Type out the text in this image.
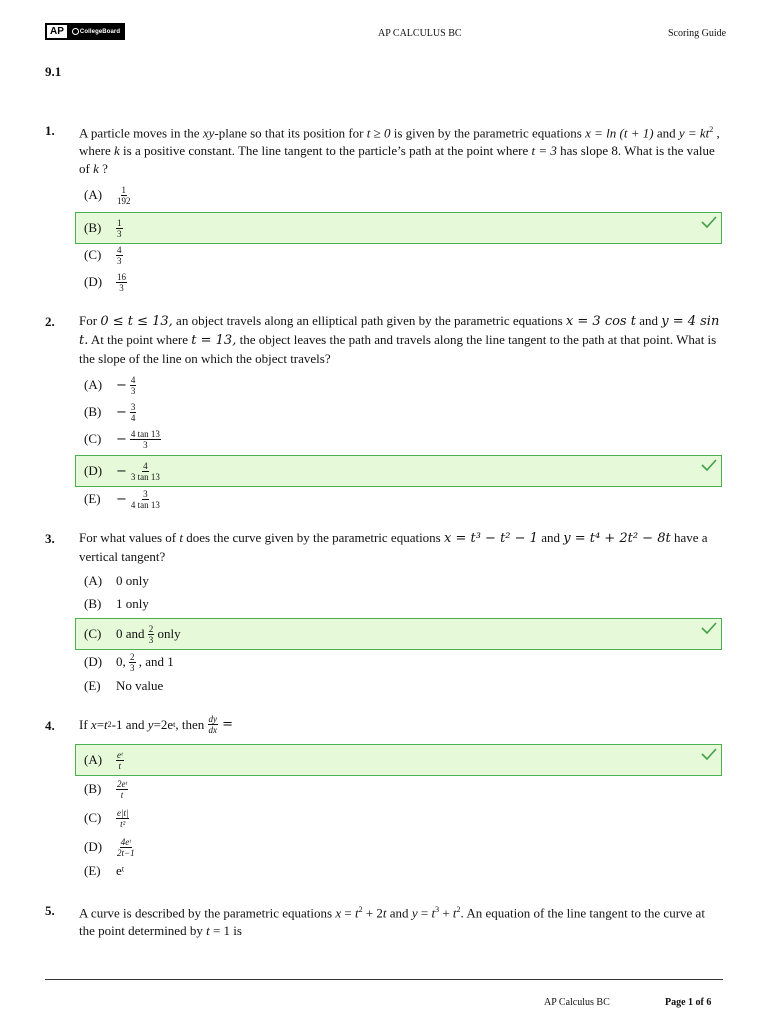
AP	CollegeBoard	AP CALCULUS BC	Scoring Guide
9.1
1. A particle moves in the xy-plane so that its position for t ≥ 0 is given by the parametric equations x = ln (t + 1) and $y = kt^2$ , where k is a positive constant. The line tangent to the particle’s path at the point where t = 3 has slope 8. What is the value of k ?
(A)	$\frac{1}{192}$
(B)	$\frac{1}{3}$
(C)	$\frac{4}{3}$
(D)	$\frac{16}{3}$
2. For 0 ≤ t ≤ 13, an object travels along an elliptical path given by the parametric equations x = 3 cos t and y = 4 sin t. At the point where t = 13, the object leaves the path and travels along the line tangent to the path at that point. What is the slope of the line on which the object travels?
(A)	− $\frac{4}{3}$
(B)	− $\frac{3}{4}$
(C)	− $\frac{4 \tan 13}{3}$
(D)	− $\frac{4}{3 \tan 13}$
(E)	− $\frac{3}{4 \tan 13}$
3. For what values of t does the curve given by the parametric equations x = t³ − t² − 1 and y = t⁴ + 2t² − 8t have a vertical tangent?
(A)	0 only
(B)	1 only
(C)	0 and $\frac{2}{3}$ only
(D)	0, $\frac{2}{3}$ , and 1
(E)	No value
4. If x = t 2 -1 and y =2e t , then $\frac{dy}{dx}$ =
(A)	$\frac{\text{eᵗ}}{t}$
(B)	$\frac{\text{2eᵗ}}{t}$
(C)	$\frac{e|t|}{\text{t²}}$
(D)	$\frac{\text{4eᵗ}}{2t-1}$
(E)	eᵗ
5. A curve is described by the parametric equations $x = t^2 + 2t$ and $y = t^3 + t^2$. An equation of the line tangent to the curve at the point determined by t = 1 is
AP Calculus BC	Page 1 of 6
